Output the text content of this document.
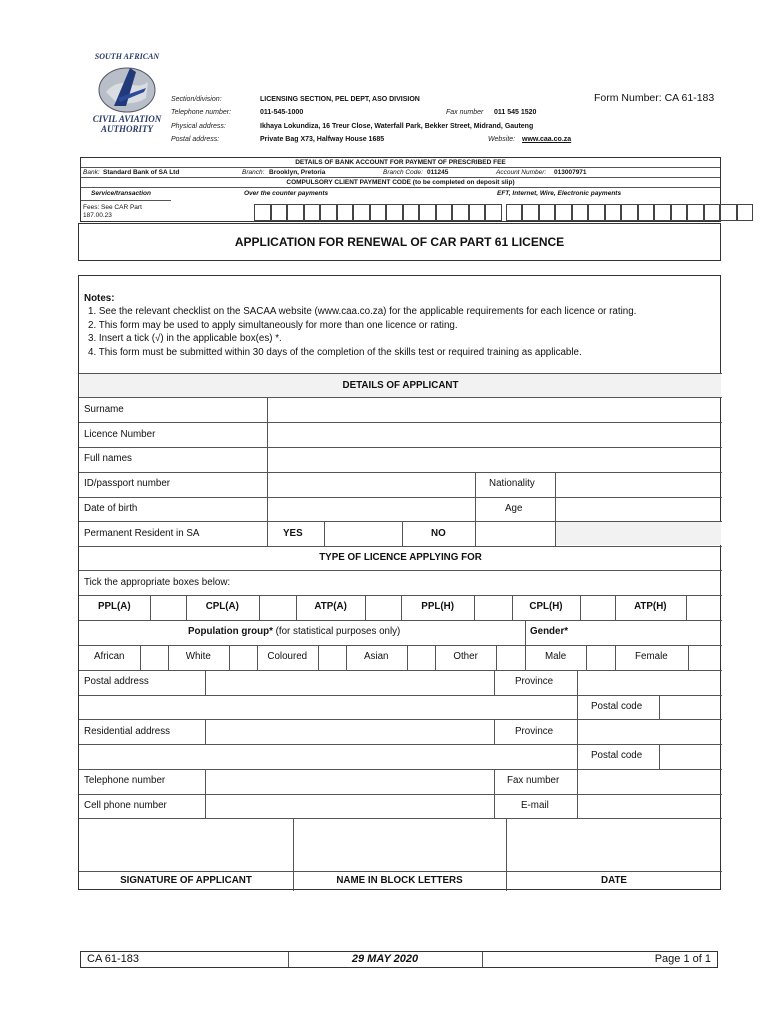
SOUTH AFRICAN
CIVIL AVIATION
AUTHORITY
Form Number: CA 61-183
Section/division:	LICENSING SECTION, PEL DEPT, ASO DIVISION
Telephone number:	011-545-1000	Fax number 011 545 1520
Physical address:	Ikhaya Lokundiza, 16 Treur Close, Waterfall Park, Bekker Street, Midrand, Gauteng
Postal address:	Private Bag X73, Halfway House 1685	Website: www.caa.co.za
DETAILS OF BANK ACCOUNT FOR PAYMENT OF PRESCRIBED FEE
Bank: Standard Bank of SA Ltd	Branch: Brooklyn, Pretoria	Branch Code: 011245	Account Number: 013007971
COMPULSORY CLIENT PAYMENT CODE (to be completed on deposit slip)
Service/transaction	Over the counter payments	EFT, Internet, Wire, Electronic payments
Fees: See CAR Part
187.00.23
APPLICATION FOR RENEWAL OF CAR PART 61 LICENCE
Notes:
1. See the relevant checklist on the SACAA website (www.caa.co.za) for the applicable requirements for each licence or rating.
2. This form may be used to apply simultaneously for more than one licence or rating.
3. Insert a tick (√) in the applicable box(es) *.
4. This form must be submitted within 30 days of the completion of the skills test or required training as applicable.
DETAILS OF APPLICANT
Surname
Licence Number
Full names
ID/passport number	Nationality
Date of birth	Age
Permanent Resident in SA	YES	NO
TYPE OF LICENCE APPLYING FOR
Tick the appropriate boxes below:
PPL(A)	CPL(A)	ATP(A)	PPL(H)	CPL(H)	ATP(H)
Population group* (for statistical purposes only)	Gender*
African	White	Coloured	Asian	Other	Male	Female
Postal address	Province
Postal code
Residential address	Province
Postal code
Telephone number	Fax number
Cell phone number	E-mail
SIGNATURE OF APPLICANT	NAME IN BLOCK LETTERS	DATE
CA 61-183	29 MAY 2020	Page 1 of 1
